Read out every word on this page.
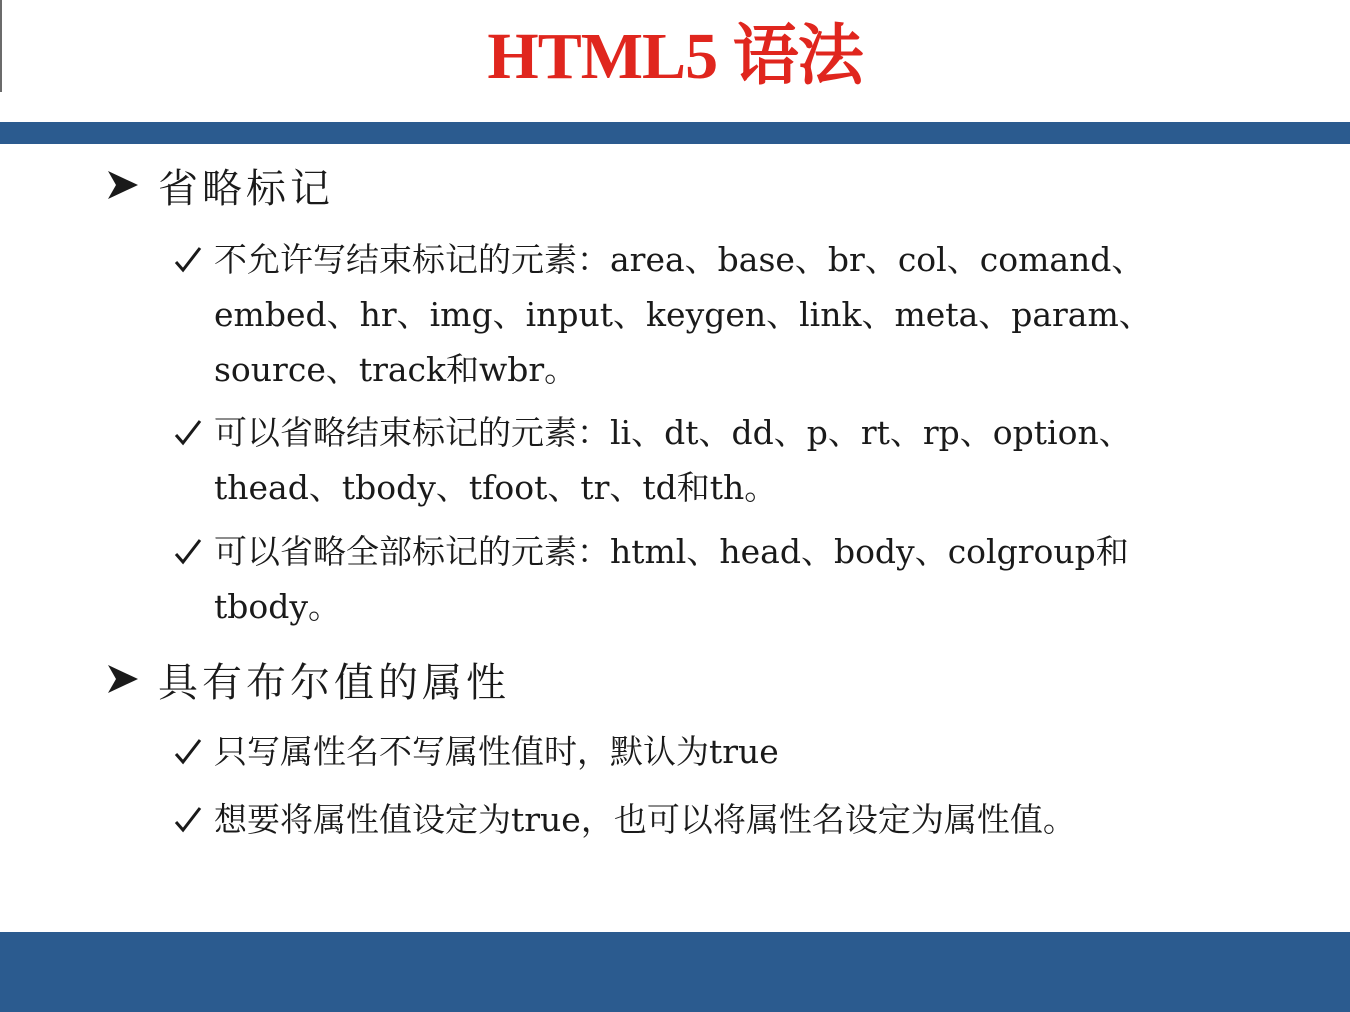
HTML5 语法
省略标记
不允许写结束标记的元素：area、base、br、col、comand、embed、hr、img、input、keygen、link、meta、param、source、track和wbr。
可以省略结束标记的元素：li、dt、dd、p、rt、rp、option、thead、tbody、tfoot、tr、td和th。
可以省略全部标记的元素：html、head、body、colgroup和tbody。
具有布尔值的属性
只写属性名不写属性值时，默认为true
想要将属性值设定为true，也可以将属性名设定为属性值。
